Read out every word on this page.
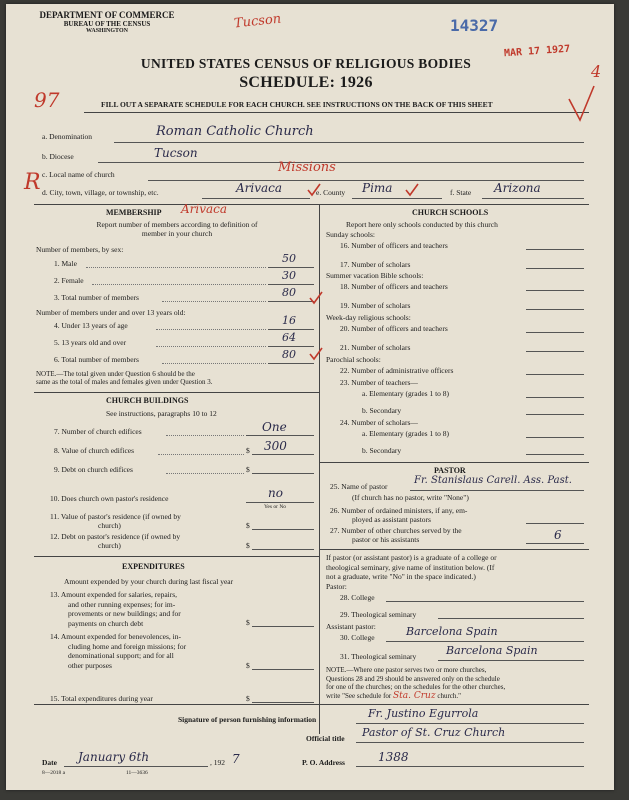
DEPARTMENT OF COMMERCE
BUREAU OF THE CENSUS
WASHINGTON	Tucson	14327
MAR 17 1927
4
UNITED STATES CENSUS OF RELIGIOUS BODIES
SCHEDULE: 1926
97	FILL OUT A SEPARATE SCHEDULE FOR EACH CHURCH. SEE INSTRUCTIONS ON THE BACK OF THIS SHEET
R
a. Denomination	Roman Catholic Church
b. Diocese	Tucson
c. Local name of church	Missions
d. City, town, village, or township, etc.	Arivaca	e. County Pima	f. State Arizona
MEMBERSHIP Arivaca
Report number of members according to definition of
member in your church
Number of members, by sex:
1. Male	50
2. Female	30
3. Total number of members	80
Number of members under and over 13 years old:
4. Under 13 years of age	16
5. 13 years old and over	64
6. Total number of members	80
NOTE.—The total given under Question 6 should be the
same as the total of males and females given under Question 3.
CHURCH BUILDINGS
See instructions, paragraphs 10 to 12
7. Number of church edifices	One
8. Value of church edifices	$ 300
9. Debt on church edifices	$
10. Does church own pastor's residence	no
Yes or No
11. Value of pastor's residence (if owned by
church)	$
12. Debt on pastor's residence (if owned by
church)	$
EXPENDITURES
Amount expended by your church during last fiscal year
13. Amount expended for salaries, repairs,
and other running expenses; for im-
provements or new buildings; and for
payments on church debt	$
14. Amount expended for benevolences, in-
cluding home and foreign missions; for
denominational support; and for all
other purposes	$
15. Total expenditures during year	$
CHURCH SCHOOLS
Report here only schools conducted by this church
Sunday schools:
16. Number of officers and teachers
17. Number of scholars
Summer vacation Bible schools:
18. Number of officers and teachers
19. Number of scholars
Week-day religious schools:
20. Number of officers and teachers
21. Number of scholars
Parochial schools:
22. Number of administrative officers
23. Number of teachers—
a. Elementary (grades 1 to 8)
b. Secondary
24. Number of scholars—
a. Elementary (grades 1 to 8)
b. Secondary
PASTOR
25. Name of pastor
Fr. Stanislaus Carell. Ass. Past.
(If church has no pastor, write "None")
26. Number of ordained ministers, if any, em-
ployed as assistant pastors
27. Number of other churches served by the
pastor or his assistants	6
If pastor (or assistant pastor) is a graduate of a college or
theological seminary, give name of institution below. (If
not a graduate, write "No" in the space indicated.)
Pastor:
28. College
29. Theological seminary
Assistant pastor:
30. College	Barcelona Spain
31. Theological seminary	Barcelona Spain
NOTE.—Where one pastor serves two or more churches,
Questions 28 and 29 should be answered only on the schedule
for one of the churches; on the schedules for the other churches,
write "See schedule for Sta. Cruz church."
Signature of person furnishing information	Fr. Justino Egurrola
Official title Pastor of St. Cruz Church
Date January 6th	, 192 7	P. O. Address	1388
8—2018 a	11—3636
